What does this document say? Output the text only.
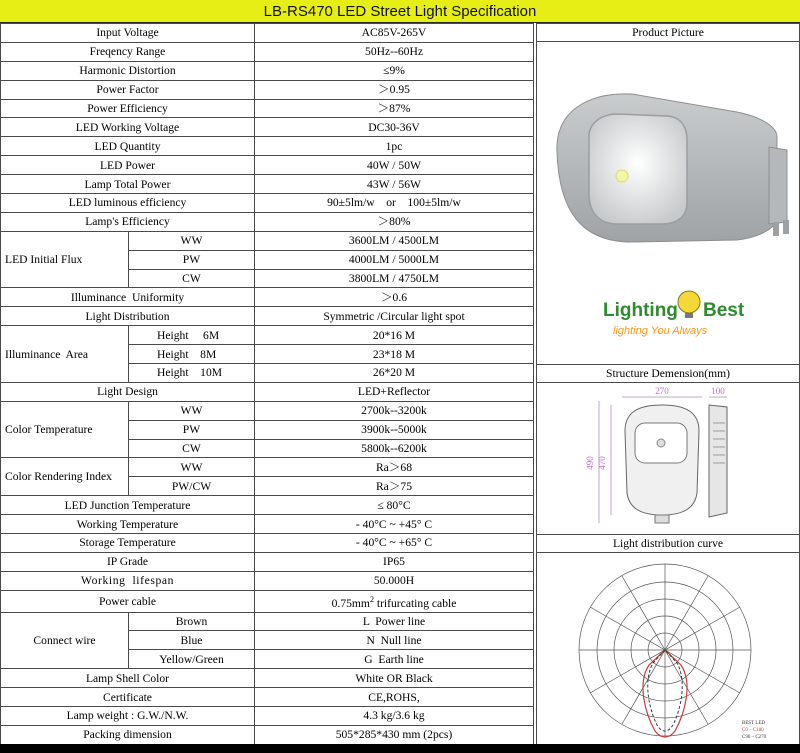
LB-RS470 LED Street Light Specification
Input Voltage		AC85V-265V
Freqency Range		50Hz--60Hz
Harmonic Distortion		≤9%
Power Factor		＞0.95
Power Efficiency		＞87%
LED Working Voltage		DC30-36V
LED Quantity		1pc
LED Power		40W / 50W
Lamp Total Power		43W / 56W
LED luminous efficiency		90±5lm/w    or    100±5lm/w
Lamp's Efficiency		＞80%
LED Initial Flux	WW	3600LM / 4500LM
	PW	4000LM / 5000LM
	CW	3800LM / 4750LM
Illuminance  Uniformity		＞0.6
Light Distribution		Symmetric /Circular light spot
Illuminance  Area	Height     6M	20*16 M
	Height    8M	23*18 M
	Height    10M	26*20 M
Light Design		LED+Reflector
Color Temperature	WW	2700k--3200k
	PW	3900k--5000k
	CW	5800k--6200k
Color Rendering Index	WW	Ra＞68
	PW/CW	Ra＞75
LED Junction Temperature		≤ 80°C
Working Temperature		- 40°C ~ +45° C
Storage Temperature		- 40°C ~ +65° C
IP Grade		IP65
Working  lifespan		50.000H
Power cable		$0.75mm^2$ trifurcating cable
Connect wire	Brown	L  Power line
	Blue	N  Null line
	Yellow/Green	G  Earth line
Lamp Shell Color		White OR Black
Certificate		CE,ROHS,
Lamp weight : G.W./N.W.		4.3 kg/3.6 kg
Packing dimension		505*285*430 mm (2pcs)
Product Picture
Lighting Best
lighting You Always
Structure Demension(mm)
270	100
490 470
Light distribution curve
BEST LED
C0 – C180
C90 – C270
